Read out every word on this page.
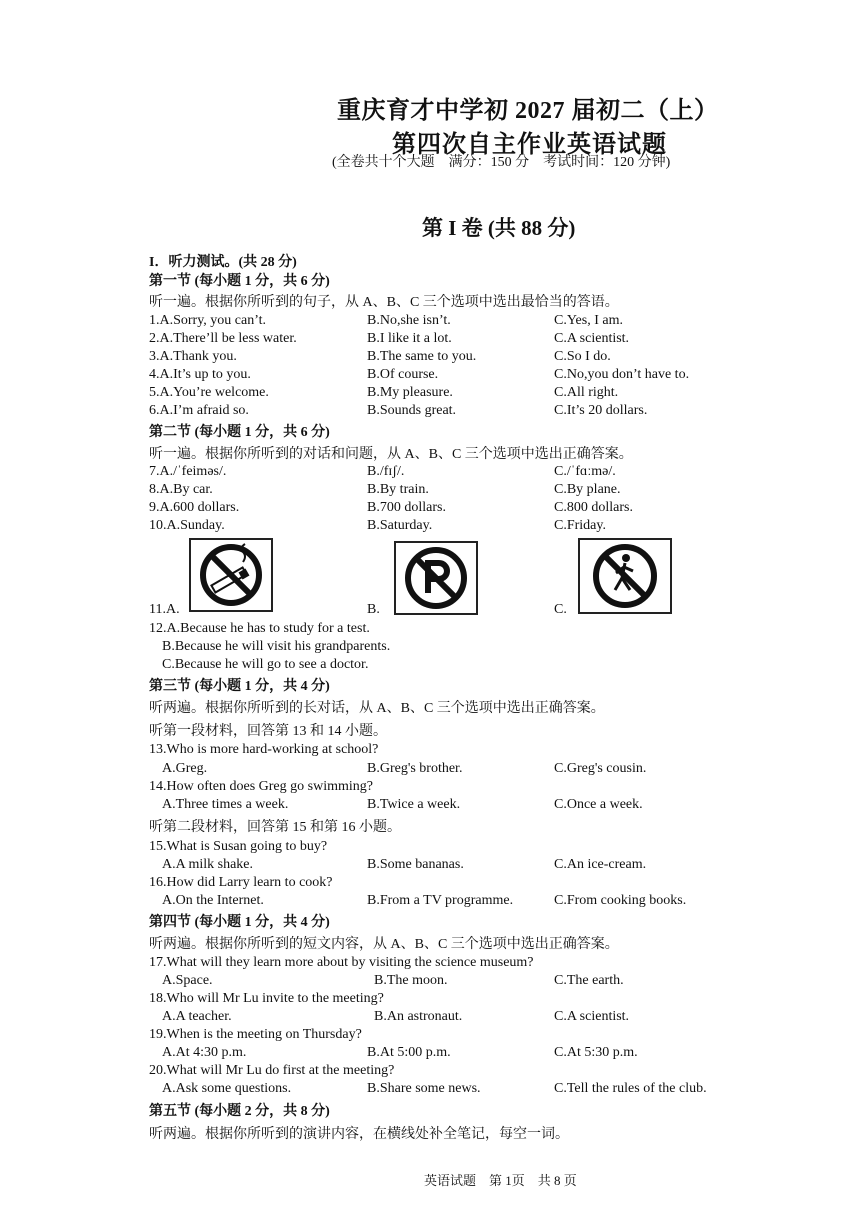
重庆育才中学初 2027 届初二（上）
第四次自主作业英语试题
(全卷共十个大题　满分：150 分　考试时间：120 分钟)
第 I 卷 (共 88 分)
I．听力测试。(共 28 分)
第一节 (每小题 1 分，共 6 分)
听一遍。根据你所听到的句子，从 A、B、C 三个选项中选出最恰当的答语。
1.A.Sorry, you can’t.	B.No,she isn’t.	C.Yes, I am.
2.A.There’ll be less water.	B.I like it a lot.	C.A scientist.
3.A.Thank you.	B.The same to you.	C.So I do.
4.A.It’s up to you.	B.Of course.	C.No,you don’t have to.
5.A.You’re welcome.	B.My pleasure.	C.All right.
6.A.I’m afraid so.	B.Sounds great.	C.It’s 20 dollars.
第二节 (每小题 1 分，共 6 分)
听一遍。根据你所听到的对话和问题，从 A、B、C 三个选项中选出正确答案。
7.A./ˈfeiməs/.	B./fɪʃ/.	C./ˈfɑːmə/.
8.A.By car.	B.By train.	C.By plane.
9.A.600 dollars.	B.700 dollars.	C.800 dollars.
10.A.Sunday.	B.Saturday.	C.Friday.
11.A.	B.	C.
12.A.Because he has to study for a test.
B.Because he will visit his grandparents.
C.Because he will go to see a doctor.
第三节 (每小题 1 分，共 4 分)
听两遍。根据你所听到的长对话，从 A、B、C 三个选项中选出正确答案。
听第一段材料，回答第 13 和 14 小题。
13.Who is more hard-working at school?
A.Greg.	B.Greg's brother.	C.Greg's cousin.
14.How often does Greg go swimming?
A.Three times a week.	B.Twice a week.	C.Once a week.
听第二段材料，回答第 15 和第 16 小题。
15.What is Susan going to buy?
A.A milk shake.	B.Some bananas.	C.An ice-cream.
16.How did Larry learn to cook?
A.On the Internet.	B.From a TV programme.	C.From cooking books.
第四节 (每小题 1 分，共 4 分)
听两遍。根据你所听到的短文内容，从 A、B、C 三个选项中选出正确答案。
17.What will they learn more about by visiting the science museum?
A.Space.	B.The moon.	C.The earth.
18.Who will Mr Lu invite to the meeting?
A.A teacher.	B.An astronaut.	C.A scientist.
19.When is the meeting on Thursday?
A.At 4:30 p.m.	B.At 5:00 p.m.	C.At 5:30 p.m.
20.What will Mr Lu do first at the meeting?
A.Ask some questions.	B.Share some news.	C.Tell the rules of the club.
第五节 (每小题 2 分，共 8 分)
听两遍。根据你所听到的演讲内容，在横线处补全笔记，每空一词。
英语试题　第 1页　共 8 页
